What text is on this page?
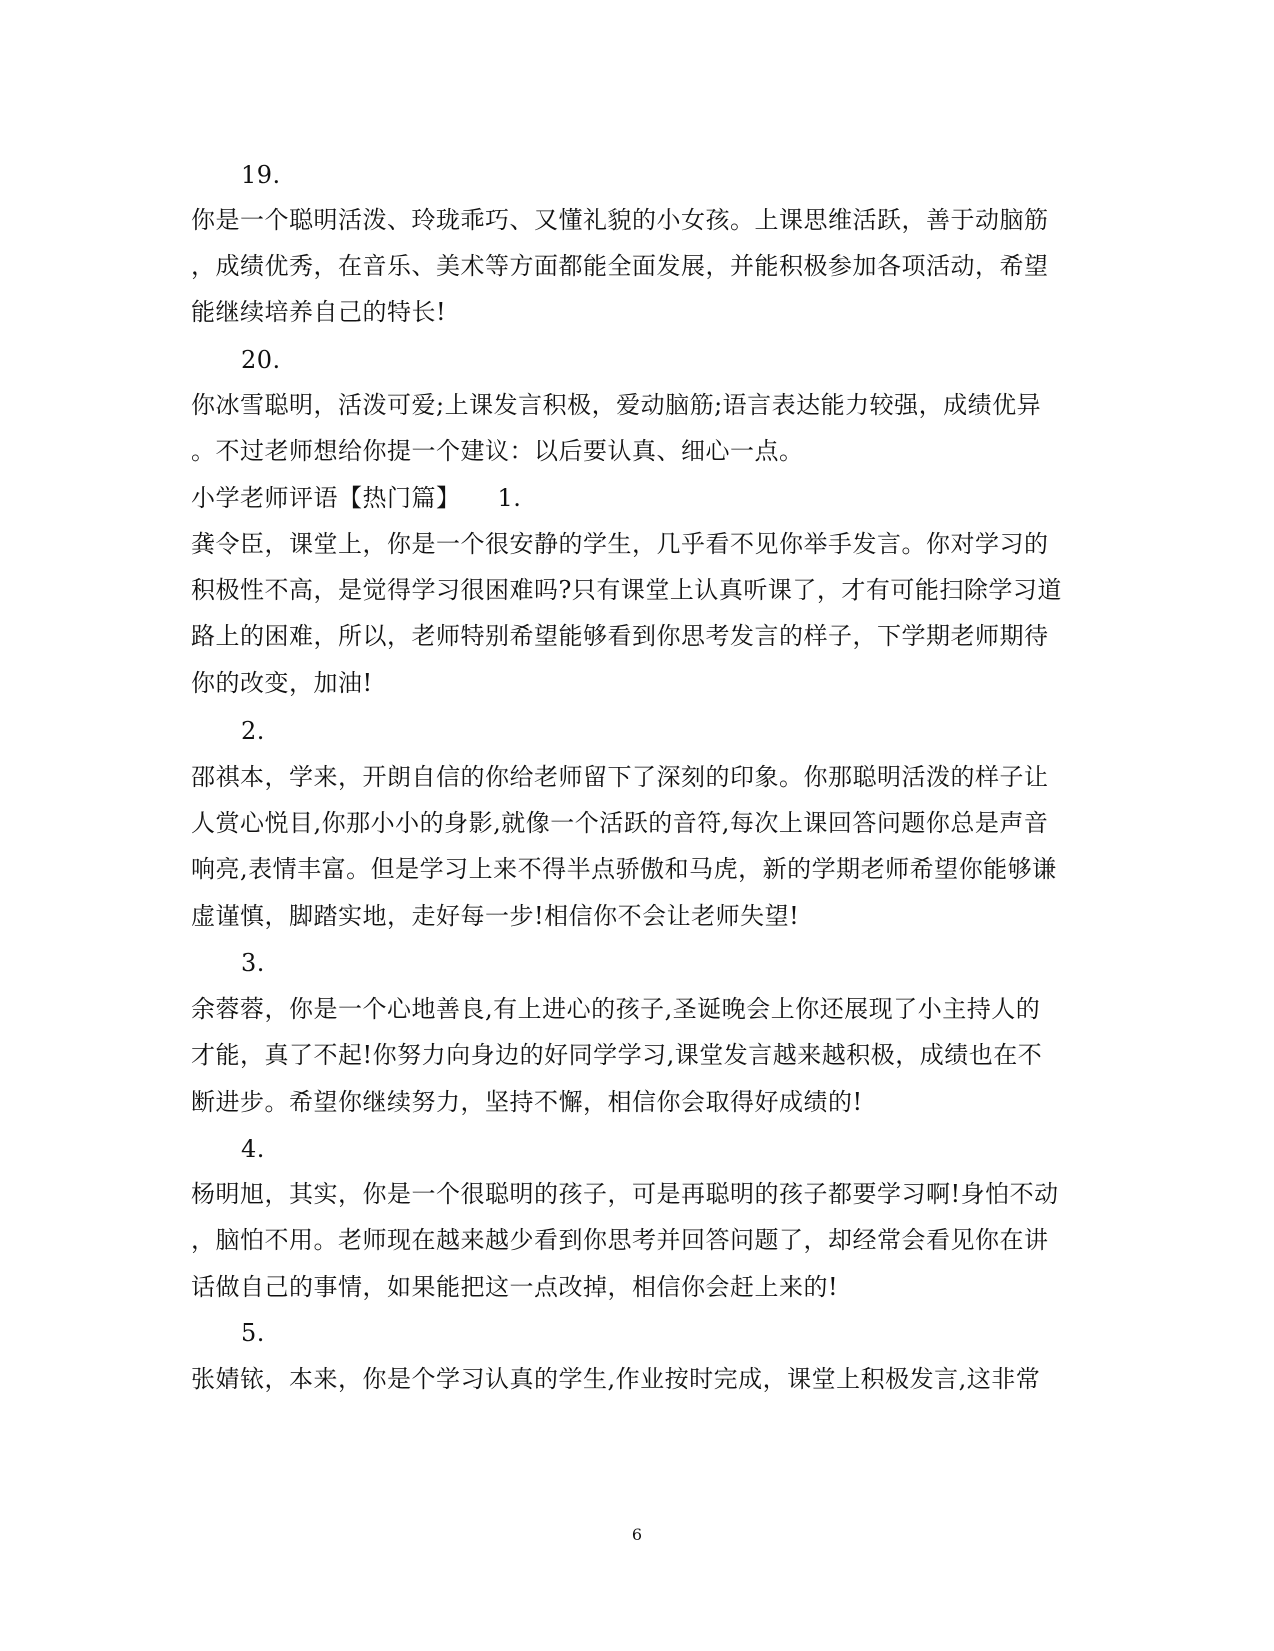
19.
你是一个聪明活泼、玲珑乖巧、又懂礼貌的小女孩。上课思维活跃，善于动脑筋
，成绩优秀，在音乐、美术等方面都能全面发展，并能积极参加各项活动，希望
能继续培养自己的特长!
20.
你冰雪聪明，活泼可爱;上课发言积极，爱动脑筋;语言表达能力较强，成绩优异
。不过老师想给你提一个建议：以后要认真、细心一点。
小学老师评语【热门篇】　　1.
龚令臣，课堂上，你是一个很安静的学生，几乎看不见你举手发言。你对学习的
积极性不高，是觉得学习很困难吗?只有课堂上认真听课了，才有可能扫除学习道
路上的困难，所以，老师特别希望能够看到你思考发言的样子，下学期老师期待
你的改变，加油!
2.
邵祺本，学来，开朗自信的你给老师留下了深刻的印象。你那聪明活泼的样子让
人赏心悦目,你那小小的身影,就像一个活跃的音符,每次上课回答问题你总是声音
响亮,表情丰富。但是学习上来不得半点骄傲和马虎，新的学期老师希望你能够谦
虚谨慎，脚踏实地，走好每一步!相信你不会让老师失望!
3.
余蓉蓉，你是一个心地善良,有上进心的孩子,圣诞晚会上你还展现了小主持人的
才能，真了不起!你努力向身边的好同学学习,课堂发言越来越积极，成绩也在不
断进步。希望你继续努力，坚持不懈，相信你会取得好成绩的!
4.
杨明旭，其实，你是一个很聪明的孩子，可是再聪明的孩子都要学习啊!身怕不动
，脑怕不用。老师现在越来越少看到你思考并回答问题了，却经常会看见你在讲
话做自己的事情，如果能把这一点改掉，相信你会赶上来的!
5.
张婧铱，本来，你是个学习认真的学生,作业按时完成，课堂上积极发言,这非常
6
